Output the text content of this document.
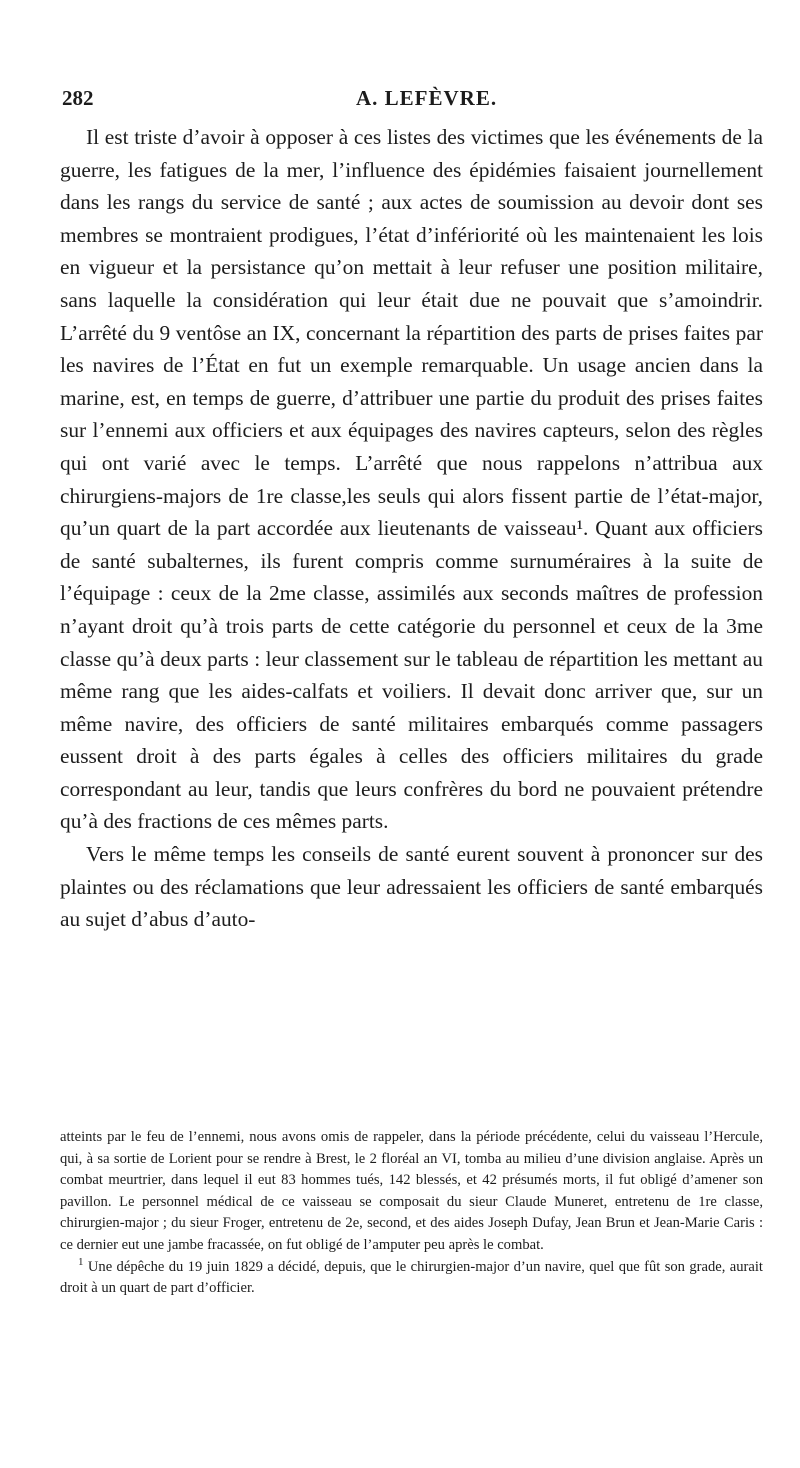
282	A. LEFÈVRE.

Il est triste d’avoir à opposer à ces listes des victimes que les événements de la guerre, les fatigues de la mer, l’influence des épidémies faisaient journellement dans les rangs du service de santé ; aux actes de soumission au devoir dont ses membres se montraient prodigues, l’état d’infériorité où les maintenaient les lois en vigueur et la persistance qu’on mettait à leur refuser une position militaire, sans laquelle la considération qui leur était due ne pouvait que s’amoindrir. L’arrêté du 9 ventôse an IX, concernant la répartition des parts de prises faites par les navires de l’État en fut un exemple remarquable. Un usage ancien dans la marine, est, en temps de guerre, d’attribuer une partie du produit des prises faites sur l’ennemi aux officiers et aux équipages des navires capteurs, selon des règles qui ont varié avec le temps. L’arrêté que nous rappelons n’attribua aux chirurgiens-majors de 1re classe,les seuls qui alors fissent partie de l’état-major, qu’un quart de la part accordée aux lieutenants de vaisseau¹. Quant aux officiers de santé subalternes, ils furent compris comme surnuméraires à la suite de l’équipage : ceux de la 2me classe, assimilés aux seconds maîtres de profession n’ayant droit qu’à trois parts de cette catégorie du personnel et ceux de la 3me classe qu’à deux parts : leur classement sur le tableau de répartition les mettant au même rang que les aides-calfats et voiliers. Il devait donc arriver que, sur un même navire, des officiers de santé militaires embarqués comme passagers eussent droit à des parts égales à celles des officiers militaires du grade correspondant au leur, tandis que leurs confrères du bord ne pouvaient prétendre qu’à des fractions de ces mêmes parts.

Vers le même temps les conseils de santé eurent souvent à prononcer sur des plaintes ou des réclamations que leur adressaient les officiers de santé embarqués au sujet d’abus d’auto-

atteints par le feu de l’ennemi, nous avons omis de rappeler, dans la période précédente, celui du vaisseau l’Hercule, qui, à sa sortie de Lorient pour se rendre à Brest, le 2 floréal an VI, tomba au milieu d’une division anglaise. Après un combat meurtrier, dans lequel il eut 83 hommes tués, 142 blessés, et 42 présumés morts, il fut obligé d’amener son pavillon. Le personnel médical de ce vaisseau se composait du sieur Claude Muneret, entretenu de 1re classe, chirurgien-major ; du sieur Froger, entretenu de 2e, second, et des aides Joseph Dufay, Jean Brun et Jean-Marie Caris : ce dernier eut une jambe fracassée, on fut obligé de l’amputer peu après le combat.

$^1$ Une dépêche du 19 juin 1829 a décidé, depuis, que le chirurgien-major d’un navire, quel que fût son grade, aurait droit à un quart de part d’officier.
